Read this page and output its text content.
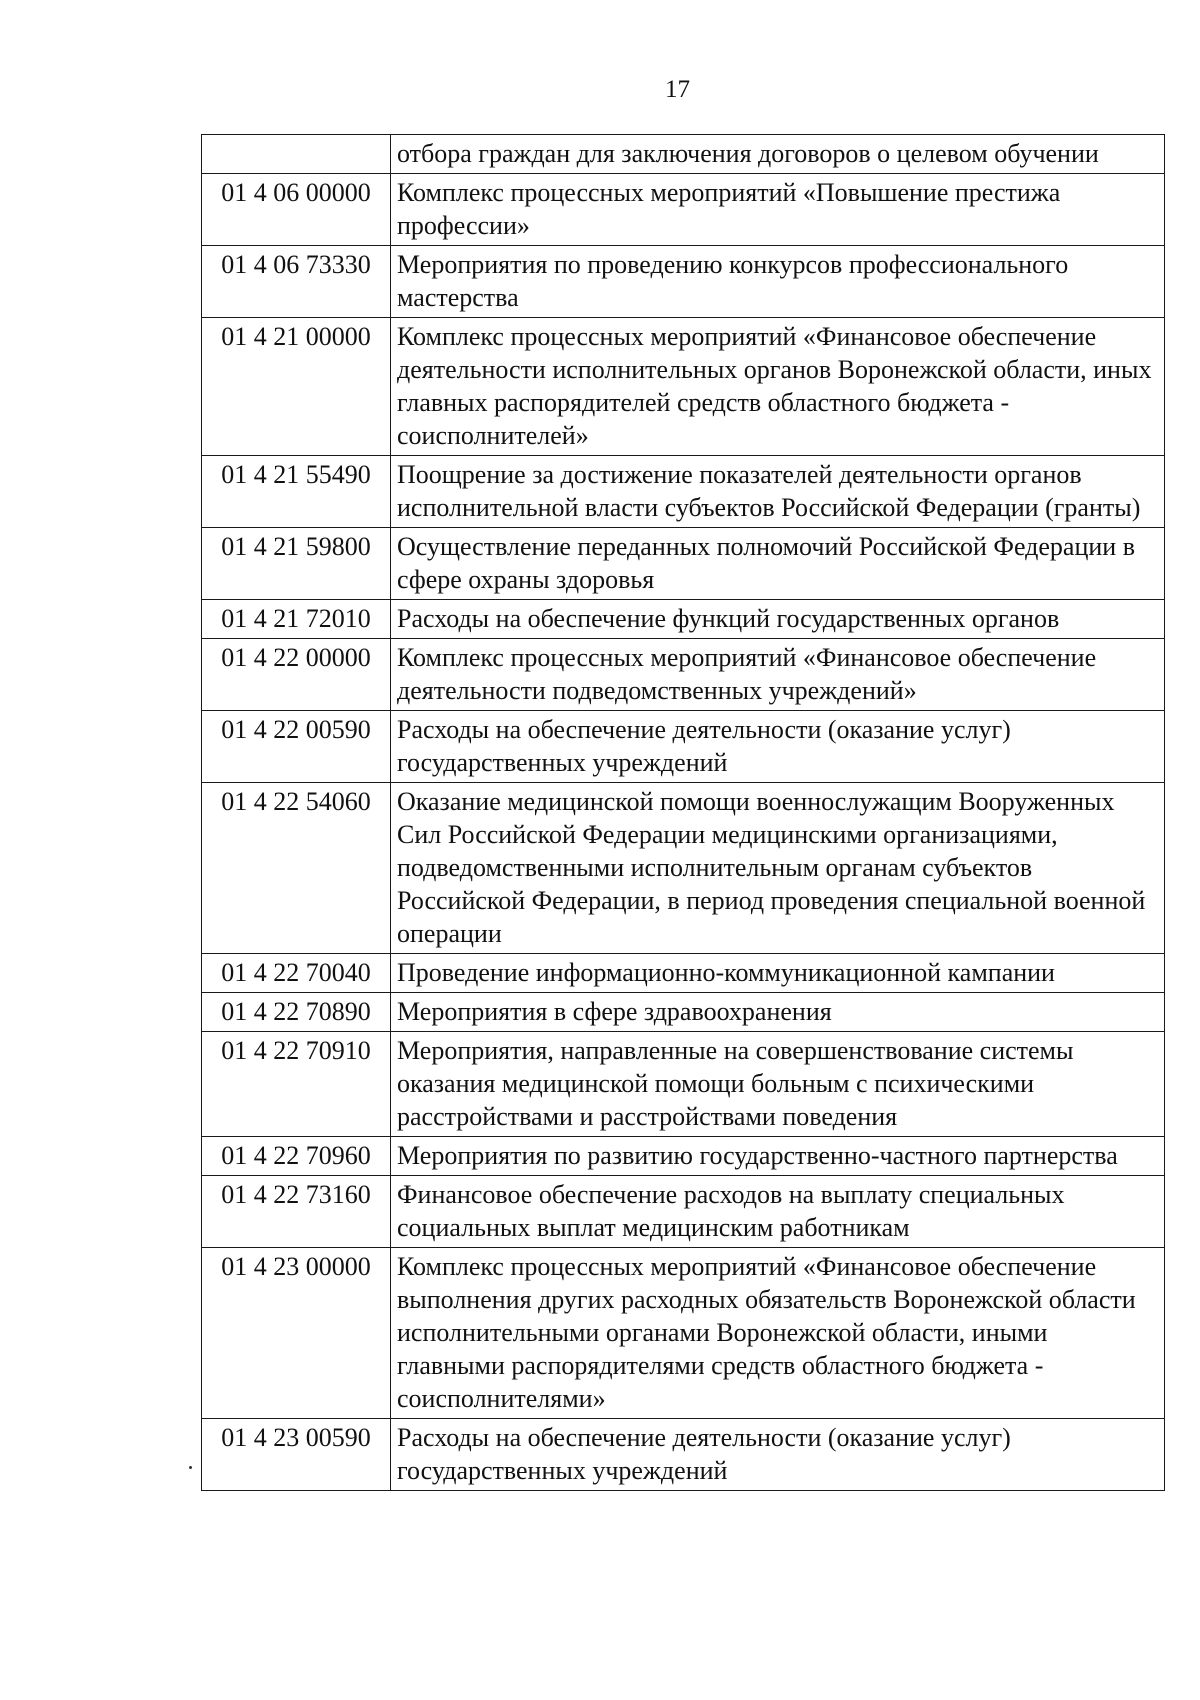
17
	отбора граждан для заключения договоров о целевом обучении
01 4 06 00000	Комплекс процессных мероприятий «Повышение престижа профессии»
01 4 06 73330	Мероприятия по проведению конкурсов профессионального мастерства
01 4 21 00000	Комплекс процессных мероприятий «Финансовое обеспечение деятельности исполнительных органов Воронежской области, иных главных распорядителей средств областного бюджета - соисполнителей»
01 4 21 55490	Поощрение за достижение показателей деятельности органов исполнительной власти субъектов Российской Федерации (гранты)
01 4 21 59800	Осуществление переданных полномочий Российской Федерации в сфере охраны здоровья
01 4 21 72010	Расходы на обеспечение функций государственных органов
01 4 22 00000	Комплекс процессных мероприятий «Финансовое обеспечение деятельности подведомственных учреждений»
01 4 22 00590	Расходы на обеспечение деятельности (оказание услуг) государственных учреждений
01 4 22 54060	Оказание медицинской помощи военнослужащим Вооруженных Сил Российской Федерации медицинскими организациями, подведомственными исполнительным органам субъектов Российской Федерации, в период проведения специальной военной операции
01 4 22 70040	Проведение информационно-коммуникационной кампании
01 4 22 70890	Мероприятия в сфере здравоохранения
01 4 22 70910	Мероприятия, направленные на совершенствование системы оказания медицинской помощи больным с психическими расстройствами и расстройствами поведения
01 4 22 70960	Мероприятия по развитию государственно-частного партнерства
01 4 22 73160	Финансовое обеспечение расходов на выплату специальных социальных выплат медицинским работникам
01 4 23 00000	Комплекс процессных мероприятий «Финансовое обеспечение выполнения других расходных обязательств Воронежской области исполнительными органами Воронежской области, иными главными распорядителями средств областного бюджета - соисполнителями»
01 4 23 00590	Расходы на обеспечение деятельности (оказание услуг) государственных учреждений
